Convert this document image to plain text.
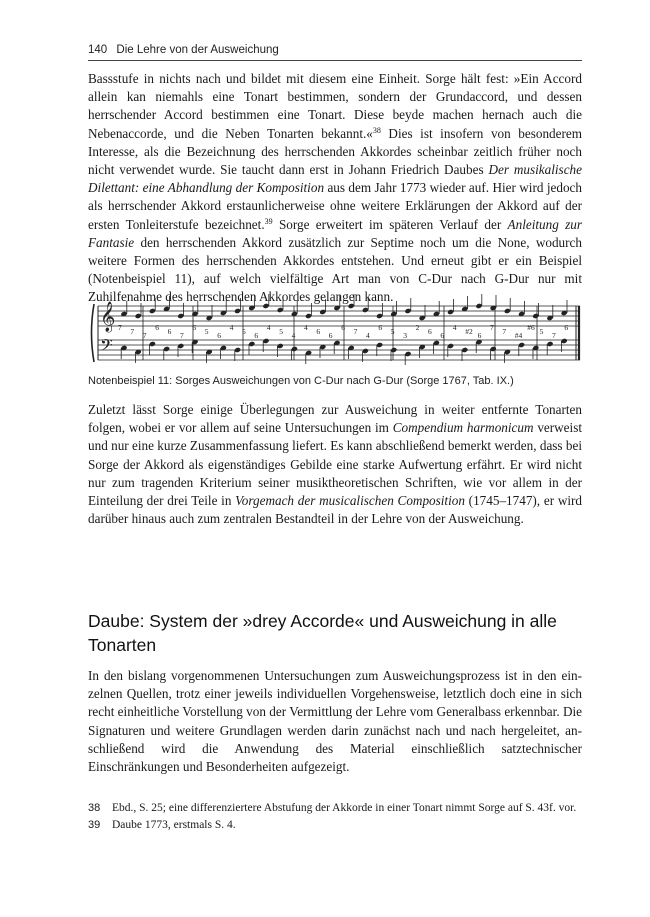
140 Die Lehre von der Ausweichung

Bassstufe in nichts nach und bildet mit diesem eine Einheit. Sorge hält fest: »Ein Accord allein kan niemahls eine Tonart bestimmen, sondern der Grundaccord, und dessen herrschender Accord bestimmen eine Tonart. Diese beyde machen hernach auch die Nebenaccorde, und die Neben Tonarten bekannt.«$^{38}$ Dies ist insofern von besonderem Interesse, als die Bezeichnung des herrschenden Akkordes scheinbar zeitlich früher noch nicht verwendet wurde. Sie taucht dann erst in Johann Friedrich Daubes Der musikalische Dilettant: eine Abhandlung der Komposition aus dem Jahr 1773 wieder auf. Hier wird jedoch als herrschender Akkord erstaunlicherweise ohne weitere Erklärungen der Akkord auf der ersten Tonleiterstufe bezeichnet.$^{39}$ Sorge erweitert im späteren Verlauf der Anleitung zur Fantasie den herrschenden Akkord zusätzlich zur Septime noch um die None, wodurch weitere Formen des herrschenden Akkordes entstehen. Und erneut gibt er ein Beispiel (Notenbeispiel 11), auf welch vielfältige Art man von C-Dur nach G-Dur nur mit Zuhilfenahme des herrschenden Akkordes gelangen kann.

𝄞
𝄢
7 7 7
6 6 7
6 5 6
4 5 6
4 5 4
4 6 6
6 7 4
6 5 3
2 6 6
4 #2 6
7 7 #4
#6 5 7
6
Notenbeispiel 11: Sorges Ausweichungen von C-Dur nach G-Dur (Sorge 1767, Tab. IX.)

Zuletzt lässt Sorge einige Überlegungen zur Ausweichung in weiter entfernte Tonarten folgen, wobei er vor allem auf seine Untersuchungen im Compendium harmonicum verweist und nur eine kurze Zusammenfassung liefert. Es kann abschließend bemerkt werden, dass bei Sorge der Akkord als eigenständiges Gebilde eine starke Aufwertung erfährt. Er wird nicht nur zum tragenden Kriterium seiner musiktheoretischen Schriften, wie vor allem in der Einteilung der drei Teile in Vorgemach der musicalischen Composition (1745–1747), er wird darüber hinaus auch zum zentralen Bestandteil in der Lehre von der Ausweichung.

Daube: System der »drey Accorde« und Ausweichung in alle Tonarten

In den bislang vorgenommenen Untersuchungen zum Ausweichungsprozess ist in den einzelnen Quellen, trotz einer jeweils individuellen Vorgehensweise, letztlich doch eine in sich recht einheitliche Vorstellung von der Vermittlung der Lehre vom Generalbass erkennbar. Die Signaturen und weitere Grundlagen werden darin zunächst nach und nach hergeleitet, anschließend wird die Anwendung des Material einschließlich satztechnischer Einschränkungen und Besonderheiten aufgezeigt.

38	Ebd., S. 25; eine differenziertere Abstufung der Akkorde in einer Tonart nimmt Sorge auf S. 43f. vor.
39	Daube 1773, erstmals S. 4.
